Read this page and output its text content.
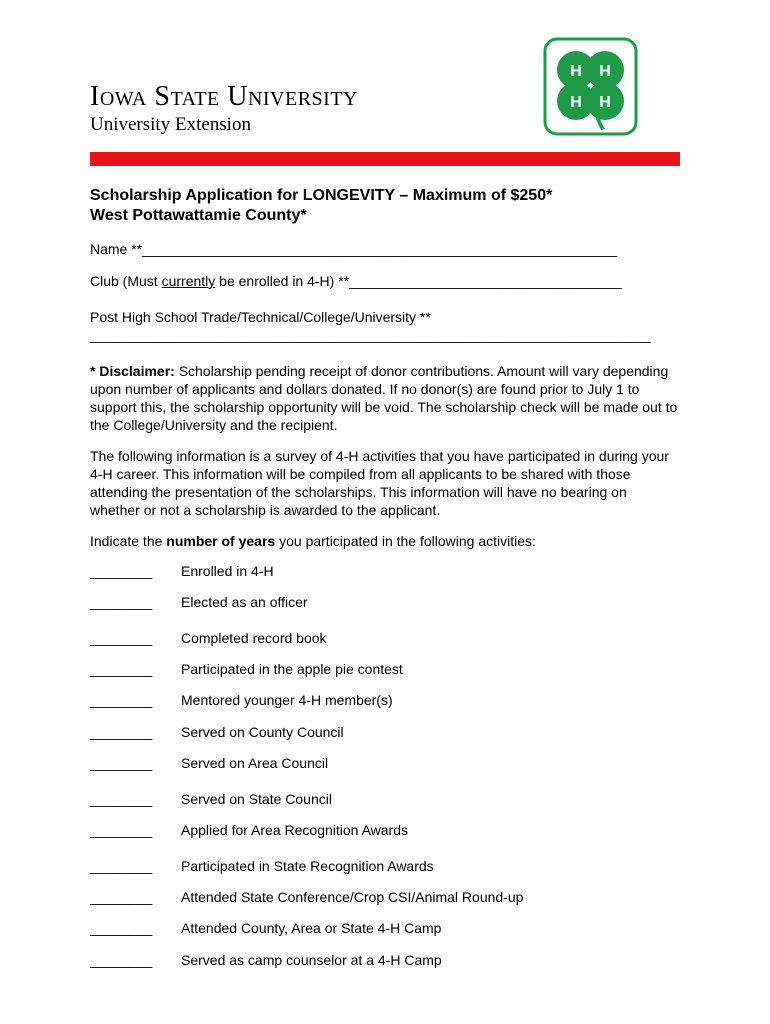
Iowa State University
University Extension
H H
H H
Scholarship Application for LONGEVITY – Maximum of $250*
West Pottawattamie County*
Name **_____________________________________________________________
Club (Must currently be enrolled in 4-H) **___________________________________
Post High School Trade/Technical/College/University **
________________________________________________________________________
* Disclaimer: Scholarship pending receipt of donor contributions. Amount will vary depending upon number of applicants and dollars donated. If no donor(s) are found prior to July 1 to support this, the scholarship opportunity will be void. The scholarship check will be made out to the College/University and the recipient.
The following information is a survey of 4-H activities that you have participated in during your 4-H career. This information will be compiled from all applicants to be shared with those attending the presentation of the scholarships. This information will have no bearing on whether or not a scholarship is awarded to the applicant.
Indicate the number of years you participated in the following activities:
________ Enrolled in 4-H
________ Elected as an officer
________ Completed record book
________ Participated in the apple pie contest
________ Mentored younger 4-H member(s)
________ Served on County Council
________ Served on Area Council
________ Served on State Council
________ Applied for Area Recognition Awards
________ Participated in State Recognition Awards
________ Attended State Conference/Crop CSI/Animal Round-up
________ Attended County, Area or State 4-H Camp
________ Served as camp counselor at a 4-H Camp
